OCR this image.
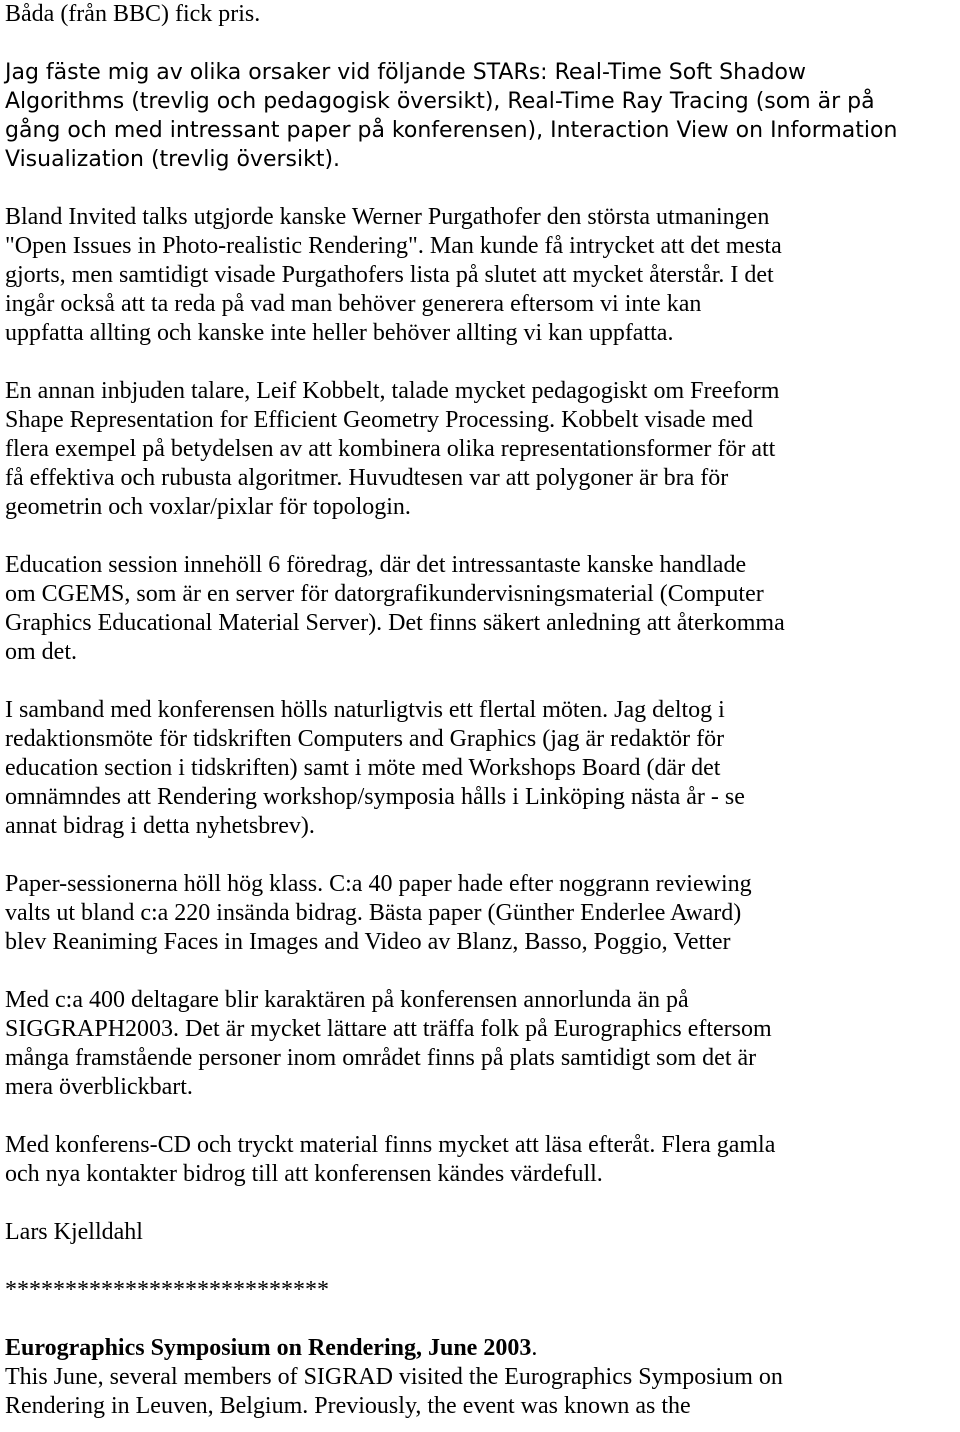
Båda (från BBC) fick pris.

Jag fäste mig av olika orsaker vid följande STARs: Real-Time Soft Shadow
Algorithms (trevlig och pedagogisk översikt), Real-Time Ray Tracing (som är på
gång och med intressant paper på konferensen), Interaction View on Information
Visualization (trevlig översikt).

Bland Invited talks utgjorde kanske Werner Purgathofer den största utmaningen
"Open Issues in Photo-realistic Rendering". Man kunde få intrycket att det mesta
gjorts, men samtidigt visade Purgathofers lista på slutet att mycket återstår. I det
ingår också att ta reda på vad man behöver generera eftersom vi inte kan
uppfatta allting och kanske inte heller behöver allting vi kan uppfatta.

En annan inbjuden talare, Leif Kobbelt, talade mycket pedagogiskt om Freeform
Shape Representation for Efficient Geometry Processing. Kobbelt visade med
flera exempel på betydelsen av att kombinera olika representationsformer för att
få effektiva och rubusta algoritmer. Huvudtesen var att polygoner är bra för
geometrin och voxlar/pixlar för topologin.

Education session innehöll 6 föredrag, där det intressantaste kanske handlade
om CGEMS, som är en server för datorgrafikundervisningsmaterial (Computer
Graphics Educational Material Server). Det finns säkert anledning att återkomma
om det.

I samband med konferensen hölls naturligtvis ett flertal möten. Jag deltog i
redaktionsmöte för tidskriften Computers and Graphics (jag är redaktör för
education section i tidskriften) samt i möte med Workshops Board (där det
omnämndes att Rendering workshop/symposia hålls i Linköping nästa år - se
annat bidrag i detta nyhetsbrev).

Paper-sessionerna höll hög klass. C:a 40 paper hade efter noggrann reviewing
valts ut bland c:a 220 insända bidrag. Bästa paper (Günther Enderlee Award)
blev Reaniming Faces in Images and Video av Blanz, Basso, Poggio, Vetter

Med c:a 400 deltagare blir karaktären på konferensen annorlunda än på
SIGGRAPH2003. Det är mycket lättare att träffa folk på Eurographics eftersom
många framstående personer inom området finns på plats samtidigt som det är
mera överblickbart.

Med konferens-CD och tryckt material finns mycket att läsa efteråt. Flera gamla
och nya kontakter bidrog till att konferensen kändes värdefull.

Lars Kjelldahl

***************************

Eurographics Symposium on Rendering, June 2003.
This June, several members of SIGRAD visited the Eurographics Symposium on
Rendering in Leuven, Belgium. Previously, the event was known as the
